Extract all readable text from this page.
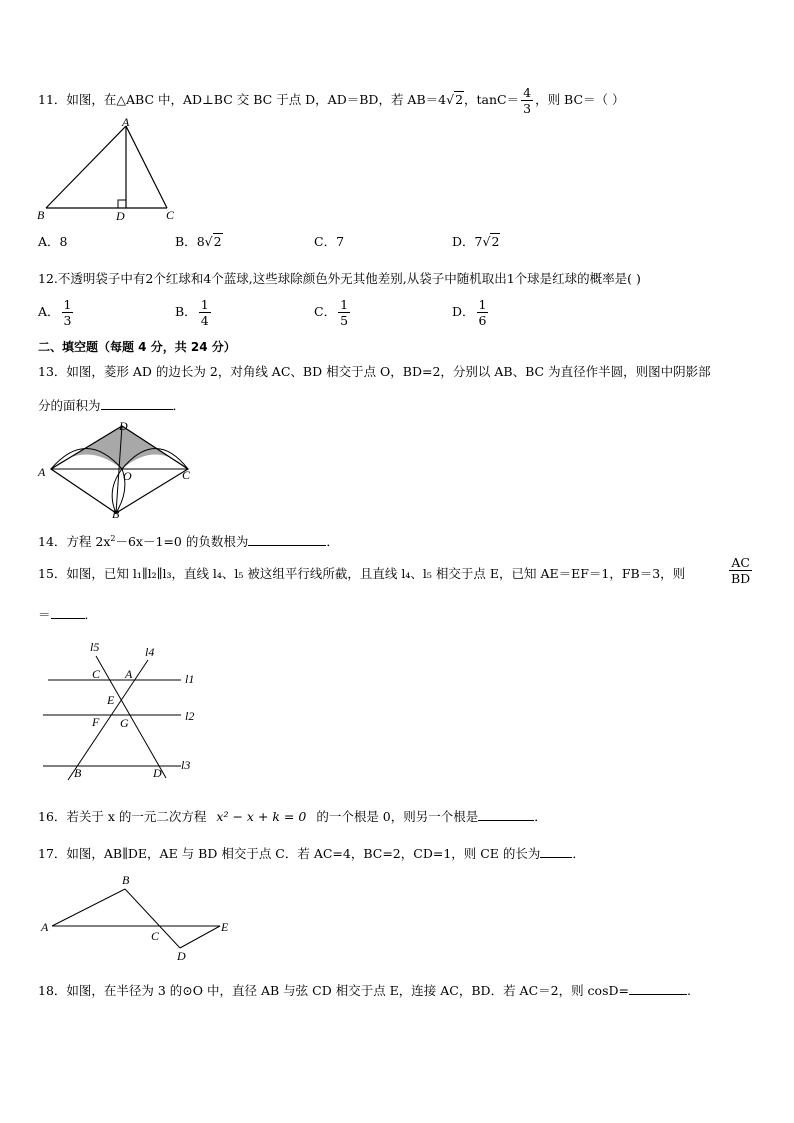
11．如图，在△ABC 中，AD⊥BC 交 BC 于点 D，AD＝BD，若 AB＝4√2，$\tan C= \frac{4}{3}$ ，则 BC＝（ ）
A
B	D	C
A．8	B．8√2	C．7	D．7√2
12.不透明袋子中有2个红球和4个蓝球,这些球除颜色外无其他差别,从袋子中随机取出1个球是红球的概率是( )
A． $\frac{1}{3}$	B． $\frac{1}{4}$	C． $\frac{1}{5}$	D． $\frac{1}{6}$
二、填空题（每题 4 分，共 24 分）
13．如图，菱形 AD 的边长为 2，对角线 AC、BD 相交于点 O，BD=2，分别以 AB、BC 为直径作半圆，则图中阴影部
分的面积为	．
D
A	O	C
B
14．方程 $2x^2-6x-1=0$ 的负数根为	．
15．如图，已知 l₁∥l₂∥l₃，直线 l₄、l₅ 被这组平行线所截，且直线 l₄、l₅ 相交于点 E，已知 AE＝EF＝1，FB＝3，则	$\frac{AC}{BD}$
＝	．
l5	l4
l1
l2
l3
C A
E
F G
B	D
16．若关于 x 的一元二次方程 x² − x + k = 0 的一个根是 0，则另一个根是	．
17．如图，AB∥DE，AE 与 BD 相交于点 C．若 AC=4，BC=2，CD=1，则 CE 的长为	．
A
B
C
D
E
18．如图，在半径为 3 的⊙O 中，直径 AB 与弦 CD 相交于点 E，连接 AC，BD．若 AC＝2，则 cosD=	.
